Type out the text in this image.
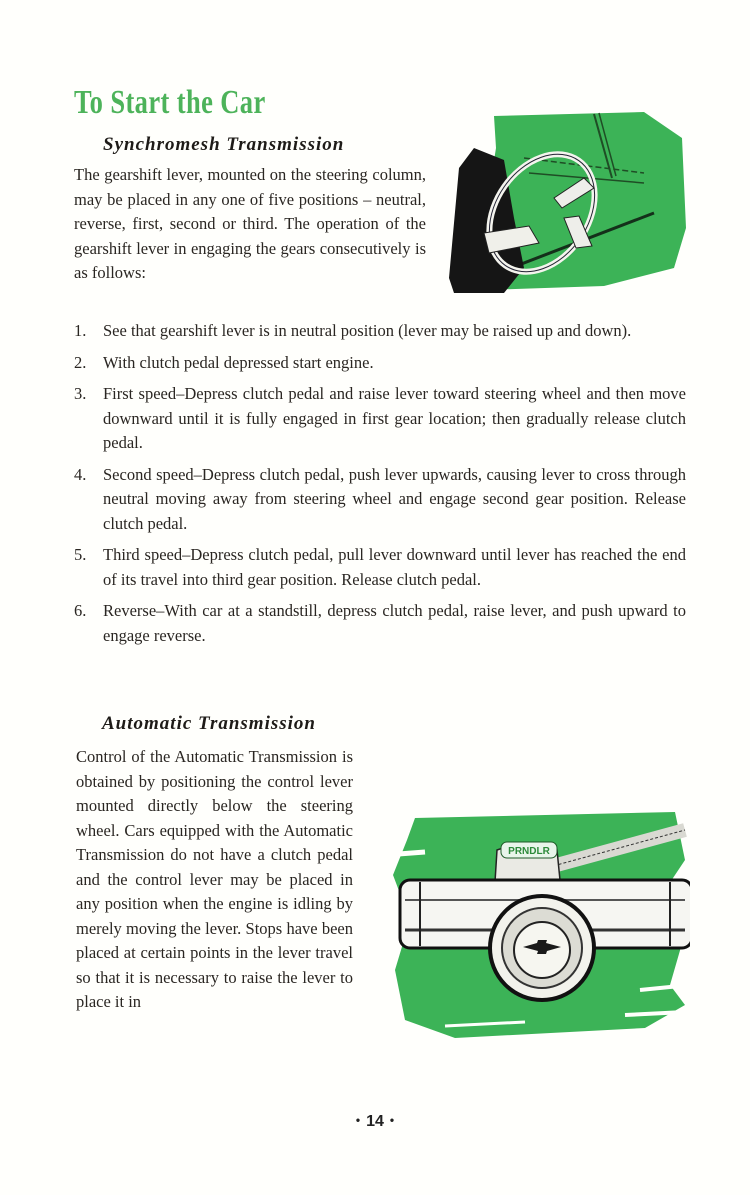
To Start the Car
Synchromesh Transmission

The gearshift lever, mounted on the steering column, may be placed in any one of five positions – neutral, reverse, first, second or third. The operation of the gearshift lever in engaging the gears consecutively is as follows:

1. See that gearshift lever is in neutral position (lever may be raised up and down).
2. With clutch pedal depressed start engine.
3. First speed–Depress clutch pedal and raise lever toward steering wheel and then move downward until it is fully engaged in first gear location; then gradually release clutch pedal.
4. Second speed–Depress clutch pedal, push lever upwards, causing lever to cross through neutral moving away from steering wheel and engage second gear position. Release clutch pedal.
5. Third speed–Depress clutch pedal, pull lever downward until lever has reached the end of its travel into third gear position. Release clutch pedal.
6. Reverse–With car at a standstill, depress clutch pedal, raise lever, and push upward to engage reverse.
Automatic Transmission

Control of the Automatic Transmission is obtained by positioning the control lever mounted directly below the steering wheel. Cars equipped with the Automatic Transmission do not have a clutch pedal and the control lever may be placed in any position when the engine is idling by merely moving the lever. Stops have been placed at certain points in the lever travel so that it is necessary to raise the lever to place it in

PRNDLR
• 14 •
